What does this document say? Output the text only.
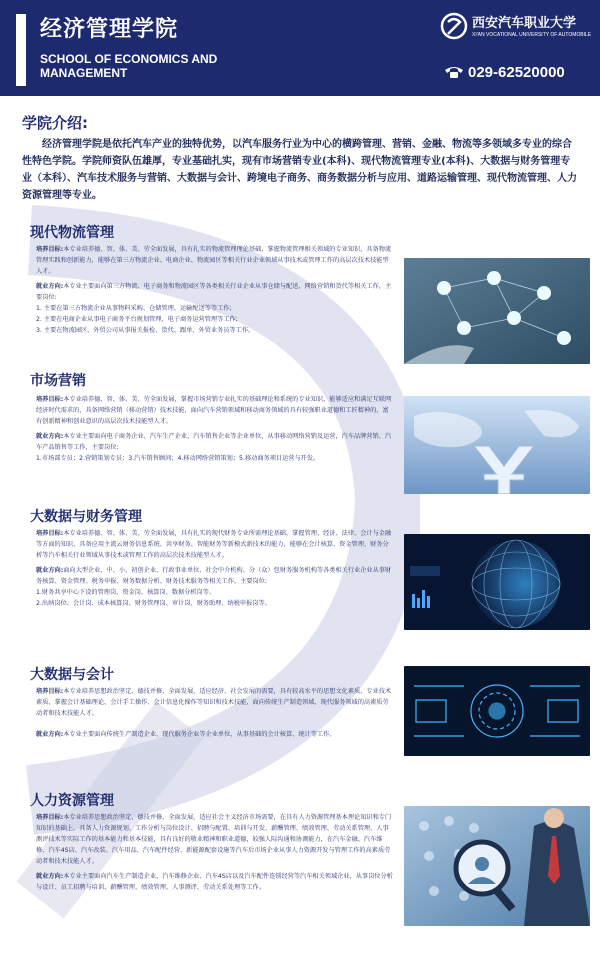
经济管理学院
SCHOOL OF ECONOMICS AND MANAGEMENT
西安汽车职业大学
XI'AN VOCATIONAL UNIVERSITY OF AUTOMOBILE
029-62520000
学院介绍:
经济管理学院是依托汽车产业的独特优势，以汽车服务行业为中心的横跨管理、营销、金融、物流等多领域多专业的综合性特色学院。学院师资队伍雄厚，专业基础扎实，现有市场营销专业(本科)、现代物流管理专业(本科)、大数据与财务管理专业（本科）、汽车技术服务与营销、大数据与会计、跨境电子商务、商务数据分析与应用、道路运输管理、现代物流管理、人力资源管理等专业。
现代物流管理

培养目标:本专业培养德、智、体、美、劳全面发展，具有扎实的物流管理理论基础，掌握物流管理相关领域的专业知识，具备物流管理实践和创新能力，能够在第三方物流企业、电商企业、物流园区等相关行业企业领域从事技术或管理工作的高层次技术技能型人才。

就业方向:本专业主要面向第三方物流、电子商务和物流园区等各类相关行业企业从事仓储与配送、网络营销和货代等相关工作，主要岗位:
1. 主要在第三方物流企业从事物料采购、仓储管理、运输配送等等工作;
2. 主要在电商企业从事电子商务平台规划管理、电子商务运营管理等工作;
3. 主要在物流园区、外贸公司从事报关报检、货代、跟单、外贸业务员等工作。

市场营销

培养目标:本专业培养德、智、体、美、劳全面发展，掌握市场营销专业扎实的基础理论和系统的专业知识，能够适应和满足互联网经济时代需求的，具备网络营销（移动营销）技术技能，面向汽车营销领域和移动商务领域的具有较强职业道德和工匠精神的，富有创新精神和创业意识的高层次技术技能型人才。

就业方向:本专业主要面向电子商务企业、汽车生产企业、汽车销售企业等企业单位，从事移动网络营销及运营，汽车品牌营销、汽车产品销售等工作，主要岗位:
1.市场部专员；2.营销策划专员；3.汽车销售顾问；4.移动网络营销策划；5.移动商务项目运营与开发。

大数据与财务管理

培养目标:本专业培养德、智、体、美、劳全面发展，具有扎实的现代财务专业所需理论基础，掌握管理、经济、法律、会计与金融等方面的知识，具备应用主流云财务信息系统、共享财务、智能财务等新模式新技术的能力，能够在会计核算、资金管理、财务分析等汽车相关行业领域从事技术或管理工作的高层次技术技能型人才。

就业方向:面向大型企业、中、小、初创企业、行政事业单位、社会中介机构、分（众）包财务服务机构等各类相关行业企业从事财务核算、资金管理、税务申报、财务数据分析、财务技术服务等相关工作，主要岗位:
1.财务共享中心下设的管理岗、资金岗、核算岗、数据分析岗等。
2.出纳岗位、会计岗、成本核算岗、财务管理岗、审计岗、财务助理、纳税申报岗等。

大数据与会计

培养目标:本专业培养思想政治坚定、德技并修、全面发展，适应经济、社会发展的需要，具有较高水平的思想文化素质、专业技术素质，掌握会计基础理论、会计手工操作、会计信息化操作等知识和技术技能，面向传统生产制造领域、现代服务领域的高素质劳动者和技术技能人才。

就业方向:本专业主要面向传统生产制造企业、现代服务企业等企业单位，从事基础的会计核算、统计等工作。

人力资源管理

培养目标:本专业培养思想政治坚定、德技并修、全面发展，适应社会主义经济市场需要，在具有人力资源管理基本理论知识和专门知识的基础上，具备人力资源规划、工作分析与岗位设计、招聘与配置、培训与开发、薪酬管理、绩效管理、劳动关系管理、人事测评技术等实际工作的基本能力和基本技能，具有良好的敬业精神和职业道德，较强人际沟通和协调能力，在汽车金融、汽车维修、汽车4S店、汽车改装、汽车用品、汽车配件经营、新能源配套设施等汽车后市场企业从事人力资源开发与管理工作的高素质劳动者和技术技能人才。

就业方向:本专业主要面向汽车生产制造企业、汽车维修企业、汽车4S店以及汽车配件连锁经营等汽车相关领域企业，从事岗位分析与设计、员工招聘与培训、薪酬管理、绩效管理、人事测评、劳动关系处理等工作。
